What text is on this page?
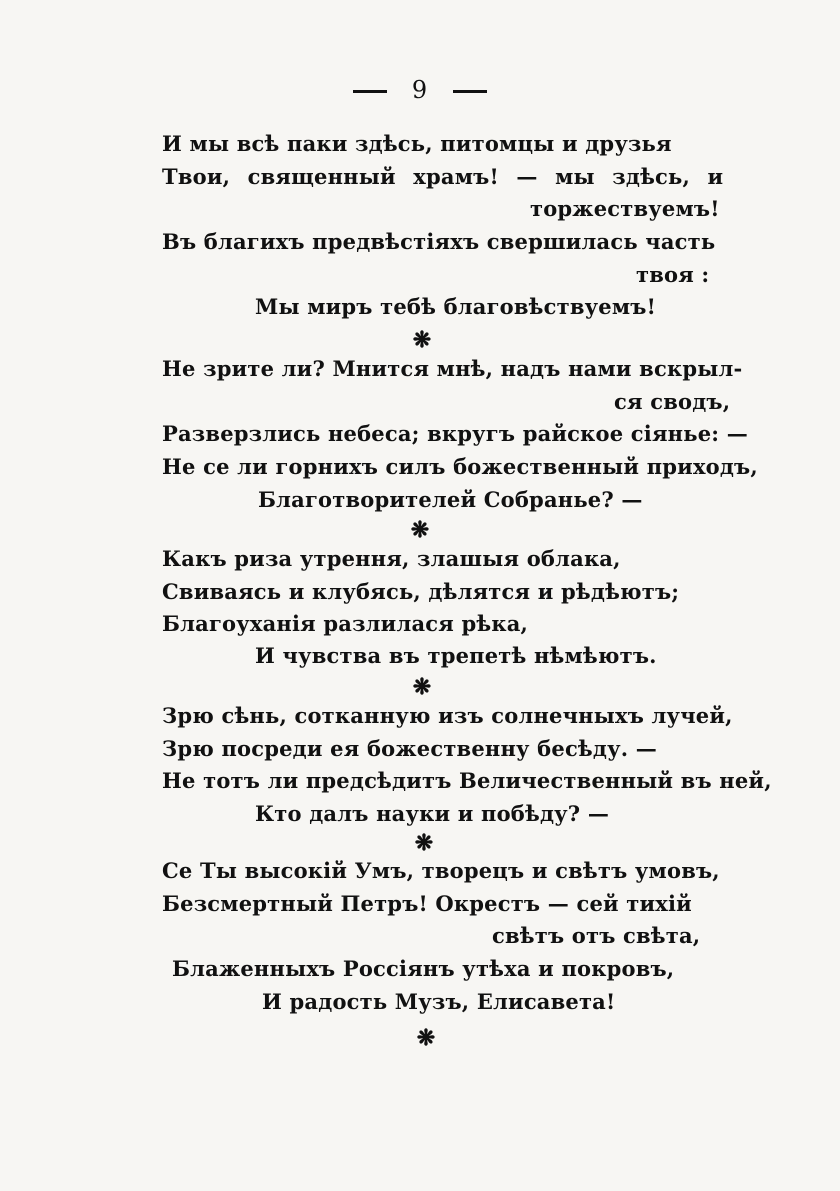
9
И мы всѣ паки здѣсь, питомцы и друзья
Твои, священный храмъ! — мы здѣсь, и
торжествуемъ!
Въ благихъ предвѣстiяхъ свершилась часть
твоя :
Мы миръ тебѣ благовѣствуемъ!
❋
Не зрите ли? Мнится мнѣ, надъ нами вскрыл-
ся сводъ,
Разверзлись небеса; вкругъ райское сiянье: —
Не се ли горнихъ силъ божественный приходъ,
Благотворителей Собранье? —
❋
Какъ риза утрення, злашыя облака,
Свиваясь и клубясь, дѣлятся и рѣдѣютъ;
Благоуханiя разлилася рѣка,
И чувства въ трепетѣ нѣмѣютъ.
❋
Зрю сѣнь, сотканную изъ солнечныхъ лучей,
Зрю посреди ея божественну бесѣду. —
Не тотъ ли предсѣдитъ Величественный въ ней,
Кто далъ науки и побѣду? —
❋
Се Ты высокiй Умъ, творецъ и свѣтъ умовъ,
Безсмертный Петръ! Окрестъ — сей тихiй
свѣтъ отъ свѣта,
Блаженныхъ Россiянъ утѣха и покровъ,
И радость Музъ, Елисавета!
❋
